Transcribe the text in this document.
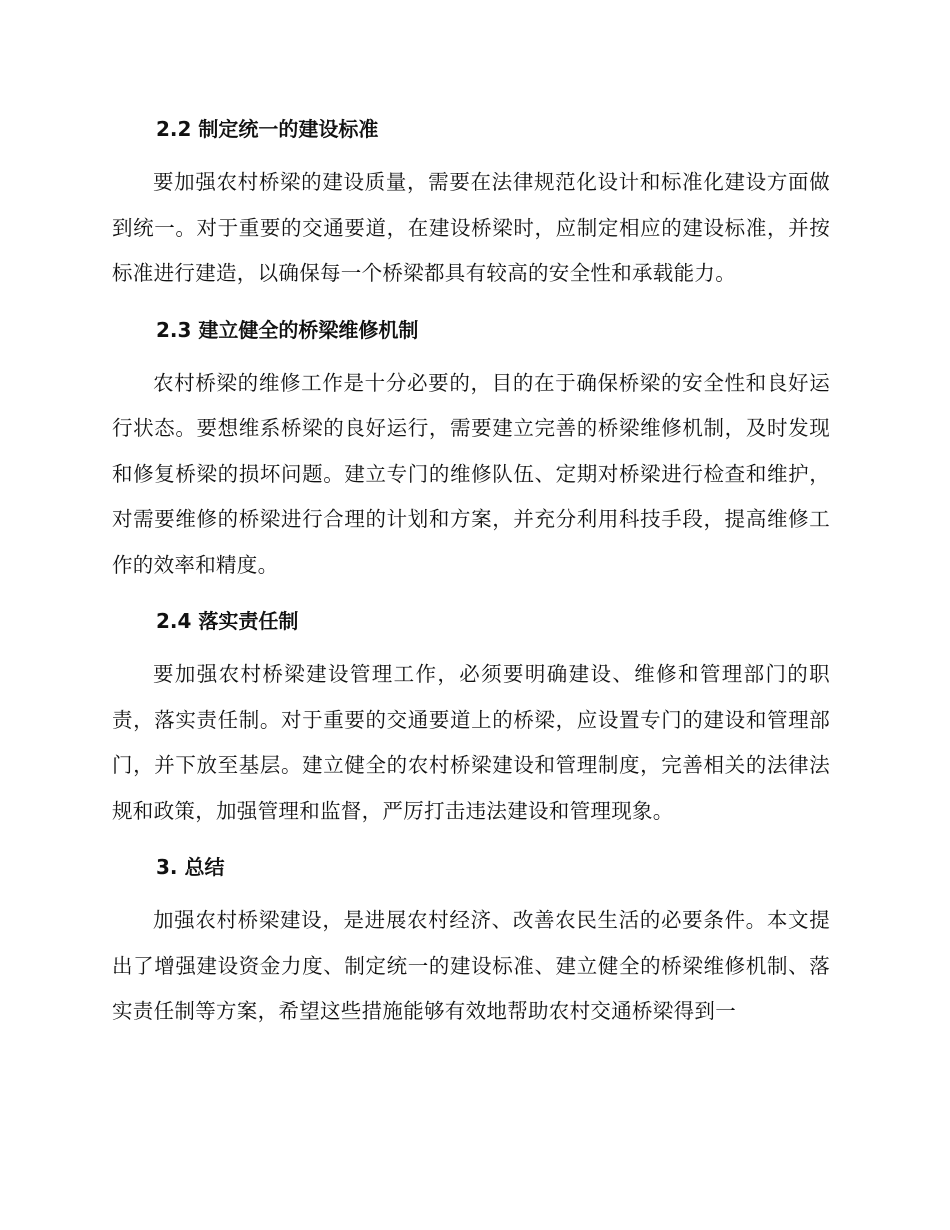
2.2 制定统一的建设标准

要加强农村桥梁的建设质量，需要在法律规范化设计和标准化建设方面做到统一。对于重要的交通要道，在建设桥梁时，应制定相应的建设标准，并按标准进行建造，以确保每一个桥梁都具有较高的安全性和承载能力。

2.3 建立健全的桥梁维修机制

农村桥梁的维修工作是十分必要的，目的在于确保桥梁的安全性和良好运行状态。要想维系桥梁的良好运行，需要建立完善的桥梁维修机制，及时发现和修复桥梁的损坏问题。建立专门的维修队伍、定期对桥梁进行检查和维护，对需要维修的桥梁进行合理的计划和方案，并充分利用科技手段，提高维修工作的效率和精度。

2.4 落实责任制

要加强农村桥梁建设管理工作，必须要明确建设、维修和管理部门的职责，落实责任制。对于重要的交通要道上的桥梁，应设置专门的建设和管理部门，并下放至基层。建立健全的农村桥梁建设和管理制度，完善相关的法律法规和政策，加强管理和监督，严厉打击违法建设和管理现象。

3. 总结

加强农村桥梁建设，是进展农村经济、改善农民生活的必要条件。本文提出了增强建设资金力度、制定统一的建设标准、建立健全的桥梁维修机制、落实责任制等方案，希望这些措施能够有效地帮助农村交通桥梁得到一
